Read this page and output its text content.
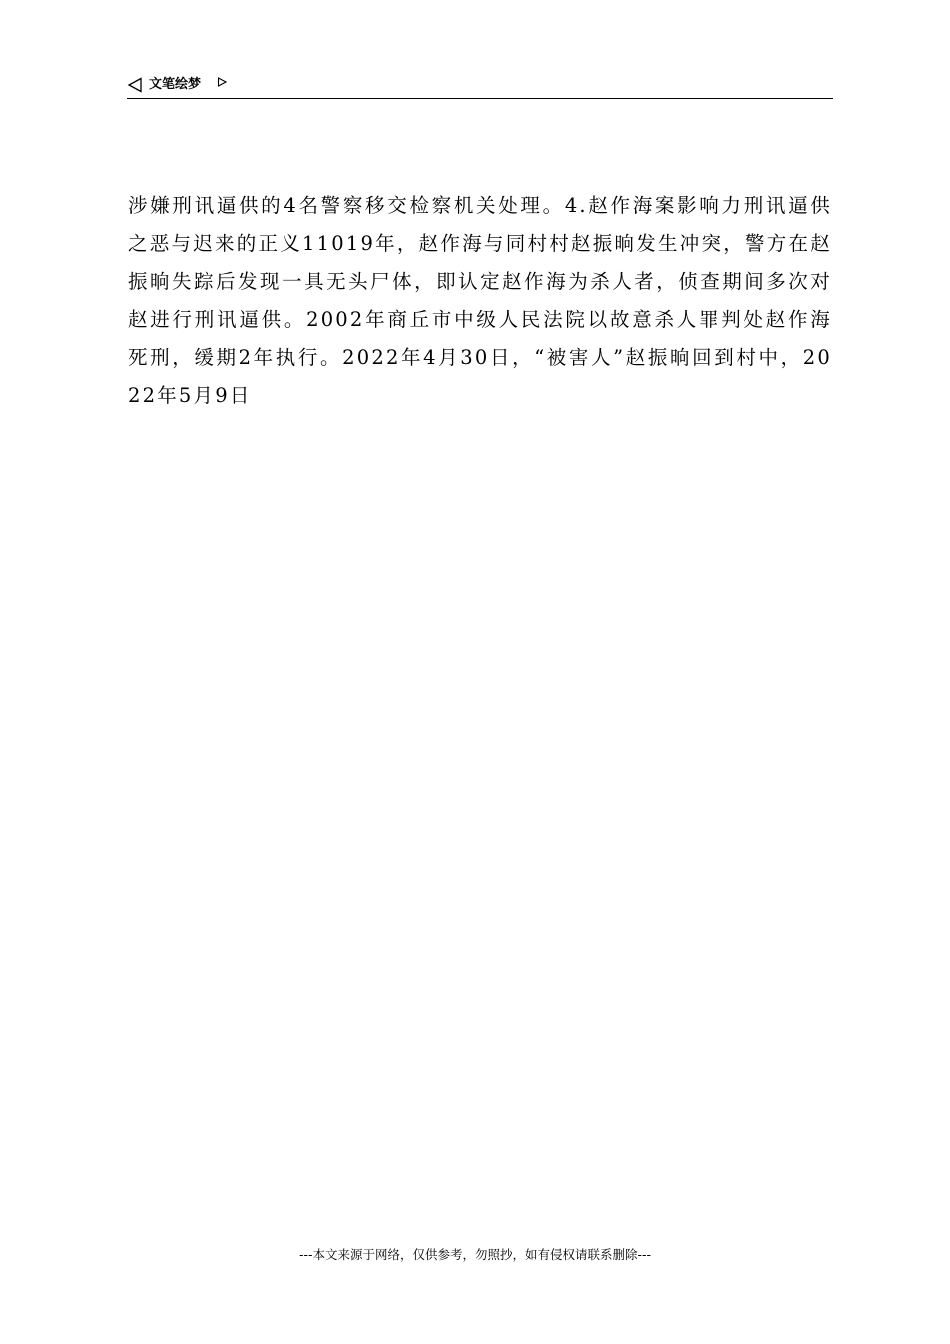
文笔绘梦
涉嫌刑讯逼供的4名警察移交检察机关处理。4.赵作海案影响力刑讯逼供之恶与迟来的正义11019年，赵作海与同村村赵振晌发生冲突，警方在赵振晌失踪后发现一具无头尸体，即认定赵作海为杀人者，侦查期间多次对赵进行刑讯逼供。2002年商丘市中级人民法院以故意杀人罪判处赵作海死刑，缓期2年执行。2022年4月30日，“被害人”赵振晌回到村中，2022年5月9日
---本文来源于网络，仅供参考，勿照抄，如有侵权请联系删除---
